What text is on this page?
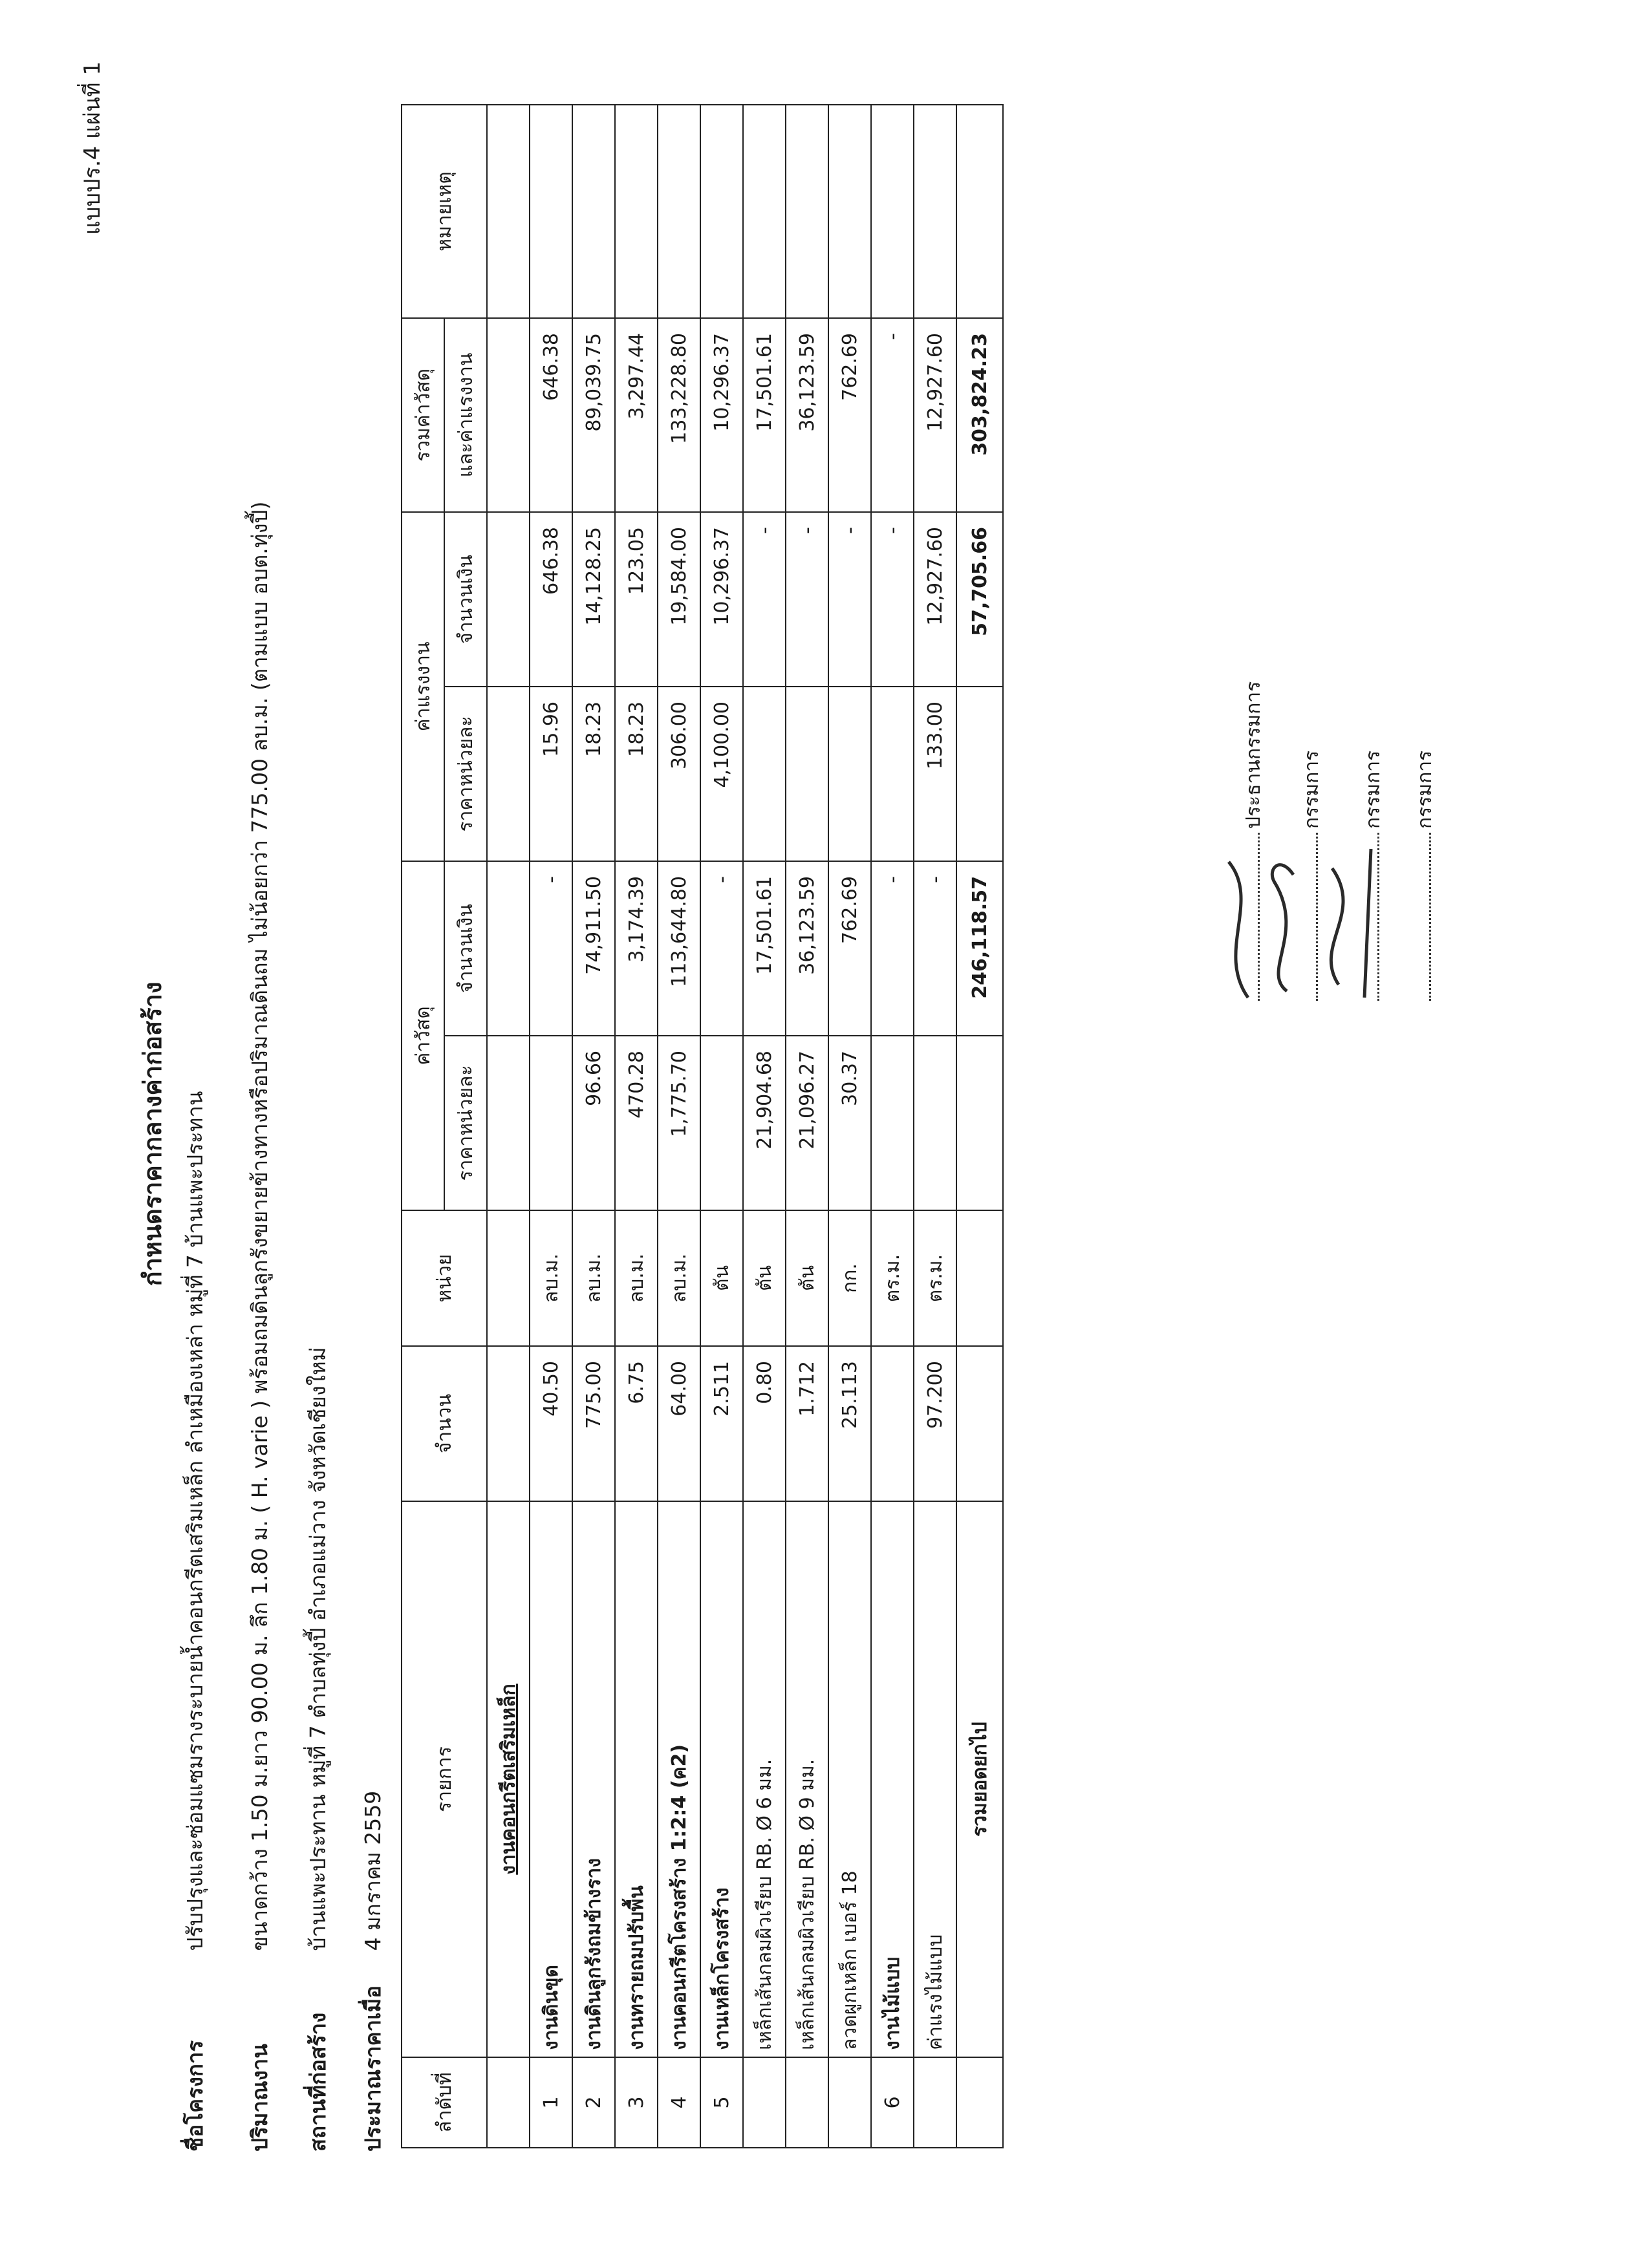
แบบปร.4 แผ่นที่ 1
กำหนดราคากลางค่าก่อสร้าง
ชื่อโครงการ ปรับปรุงและซ่อมแซมรางระบายน้ำคอนกรีตเสริมเหล็ก ลำเหมืองเหล่า หมู่ที่ 7 บ้านแพะประทาน
ปริมาณงาน ขนาดกว้าง 1.50 ม.ยาว 90.00 ม. ลึก 1.80 ม. ( H. varie ) พร้อมถมดินลูกรังขยายข้างทางหรือปริมาณดินถม ไม่น้อยกว่า 775.00 ลบ.ม. (ตามแบบ อบต.ทุ่งปี้)
สถานที่ก่อสร้าง บ้านแพะประทาน หมู่ที่ 7 ตำบลทุ่งปี้ อำเภอแม่วาง จังหวัดเชียงใหม่
ประมาณราคาเมื่อ 4 มกราคม 2559
ลำดับที่	รายการ	จำนวน	หน่วย	ค่าวัสดุ		ค่าแรงงาน		รวมค่าวัสดุ	หมายเหตุ
				ราคาหน่วยละ	จำนวนเงิน	ราคาหน่วยละ	จำนวนเงิน	และค่าแรงงาน	
	งานคอนกรีตเสริมเหล็ก								
1	งานดินขุด	40.50	ลบ.ม.		-	15.96	646.38	646.38	
2	งานดินลูกรังถมข้างราง	775.00	ลบ.ม.	96.66	74,911.50	18.23	14,128.25	89,039.75	
3	งานทรายถมปรับพื้น	6.75	ลบ.ม.	470.28	3,174.39	18.23	123.05	3,297.44	
4	งานคอนกรีตโครงสร้าง 1:2:4 (ค2)	64.00	ลบ.ม.	1,775.70	113,644.80	306.00	19,584.00	133,228.80	
5	งานเหล็กโครงสร้าง	2.511	ตัน		-	4,100.00	10,296.37	10,296.37	
	เหล็กเส้นกลมผิวเรียบ RB. Ø 6 มม.	0.80	ตัน	21,904.68	17,501.61		-	17,501.61	
	เหล็กเส้นกลมผิวเรียบ RB. Ø 9 มม.	1.712	ตัน	21,096.27	36,123.59		-	36,123.59	
	ลวดผูกเหล็ก เบอร์ 18	25.113	กก.	30.37	762.69		-	762.69	
6	งานไม้แบบ		ตร.ม.		-		-	-	
	ค่าแรงไม้แบบ	97.200	ตร.ม.		-	133.00	12,927.60	12,927.60	
	รวมยอดยกไป				246,118.57		57,705.66	303,824.23	
ประธานกรรมการ กรรมการ กรรมการ กรรมการ
